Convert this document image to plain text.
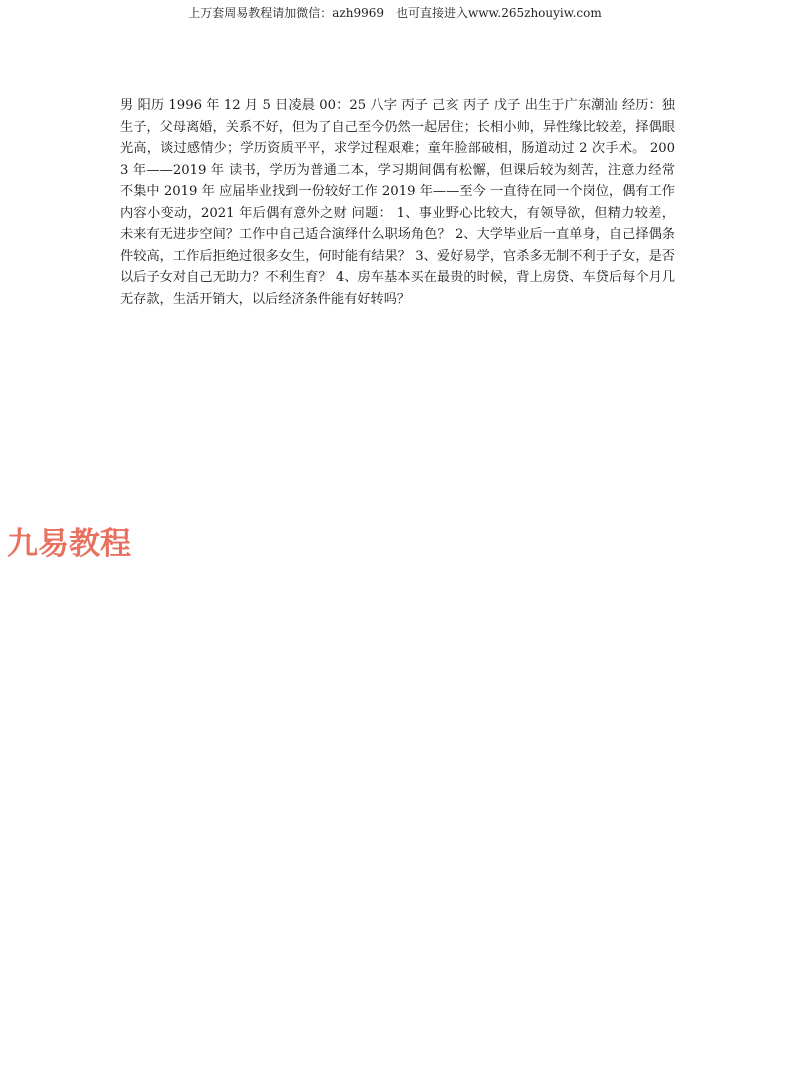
上万套周易教程请加微信：azh9969　也可直接进入www.265zhouyiw.com

男 阳历 1996 年 12 月 5 日凌晨 00：25 八字 丙子 己亥 丙子 戊子 出生于广东潮汕 经历：独生子，父母离婚，关系不好，但为了自己至今仍然一起居住；长相小帅，异性缘比较差，择偶眼光高，谈过感情少；学历资质平平，求学过程艰难；童年脸部破相，肠道动过 2 次手术。 2003 年——2019 年 读书，学历为普通二本，学习期间偶有松懈，但课后较为刻苦，注意力经常不集中 2019 年 应届毕业找到一份较好工作 2019 年——至今 一直待在同一个岗位，偶有工作内容小变动，2021 年后偶有意外之财 问题： 1、事业野心比较大，有领导欲，但精力较差，未来有无进步空间？工作中自己适合演绎什么职场角色？ 2、大学毕业后一直单身，自己择偶条件较高，工作后拒绝过很多女生，何时能有结果？ 3、爱好易学，官杀多无制不利于子女，是否以后子女对自己无助力？不利生育？ 4、房车基本买在最贵的时候，背上房贷、车贷后每个月几无存款，生活开销大，以后经济条件能有好转吗？

九易教程
